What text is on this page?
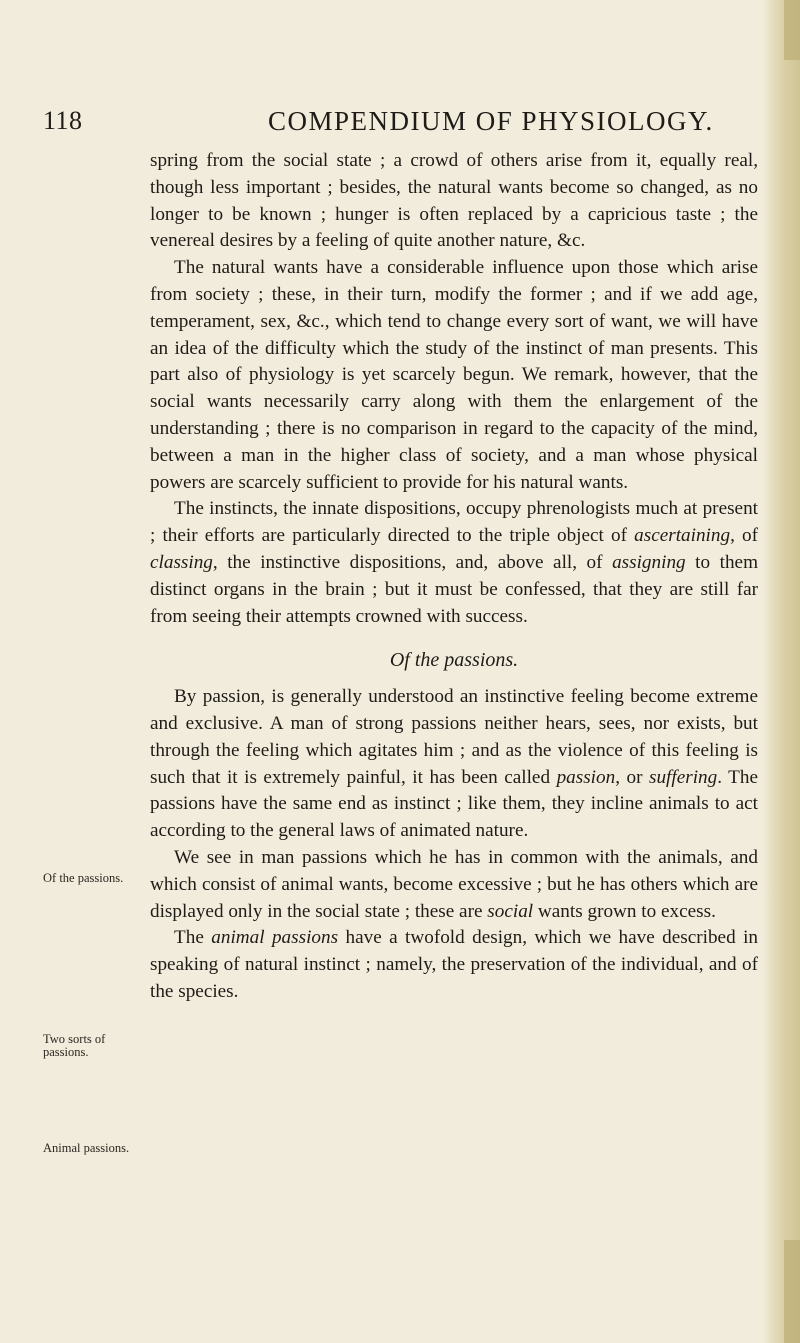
118	COMPENDIUM OF PHYSIOLOGY.

spring from the social state ; a crowd of others arise from it, equally real, though less important ; besides, the natural wants become so changed, as no longer to be known ; hunger is often replaced by a capricious taste ; the venereal desires by a feeling of quite another nature, &c.

The natural wants have a considerable influence upon those which arise from society ; these, in their turn, modify the former ; and if we add age, temperament, sex, &c., which tend to change every sort of want, we will have an idea of the difficulty which the study of the instinct of man presents. This part also of physiology is yet scarcely begun. We remark, however, that the social wants necessarily carry along with them the enlargement of the understanding ; there is no comparison in regard to the capacity of the mind, between a man in the higher class of society, and a man whose physical powers are scarcely sufficient to provide for his natural wants.

The instincts, the innate dispositions, occupy phrenologists much at present ; their efforts are particularly directed to the triple object of ascertaining, of classing, the instinctive dispositions, and, above all, of assigning to them distinct organs in the brain ; but it must be confessed, that they are still far from seeing their attempts crowned with success.

Of the passions.

By passion, is generally understood an instinctive feeling become extreme and exclusive. A man of strong passions neither hears, sees, nor exists, but through the feeling which agitates him ; and as the violence of this feeling is such that it is extremely painful, it has been called passion, or suffering. The passions have the same end as instinct ; like them, they incline animals to act according to the general laws of animated nature.

We see in man passions which he has in common with the animals, and which consist of animal wants, become excessive ; but he has others which are displayed only in the social state ; these are social wants grown to excess.

The animal passions have a twofold design, which we have described in speaking of natural instinct ; namely, the preservation of the individual, and of the species.

Of the passions.
Two sorts of passions.
Animal passions.
